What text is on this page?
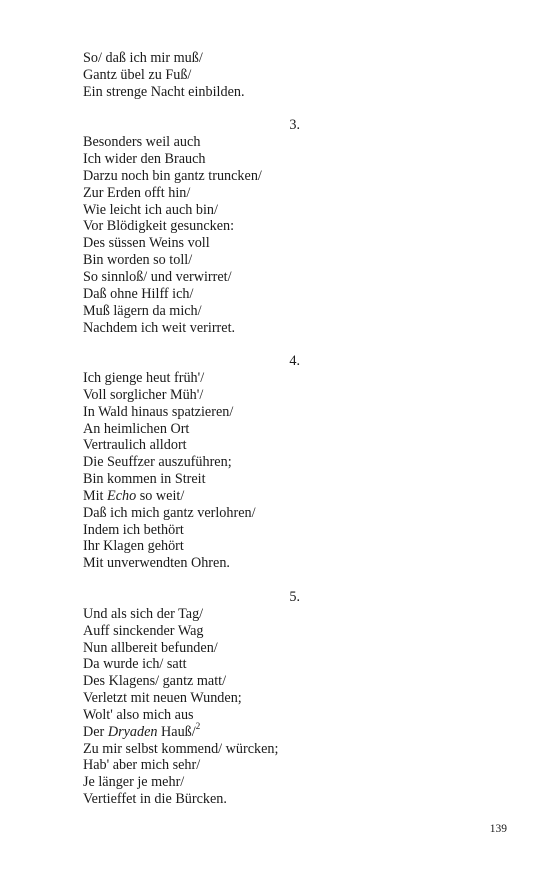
So/ daß ich mir muß/
Gantz übel zu Fuß/
Ein strenge Nacht einbilden.
3.
Besonders weil auch
Ich wider den Brauch
Darzu noch bin gantz truncken/
Zur Erden offt hin/
Wie leicht ich auch bin/
Vor Blödigkeit gesuncken:
Des süssen Weins voll
Bin worden so toll/
So sinnloß/ und verwirret/
Daß ohne Hilff ich/
Muß lägern da mich/
Nachdem ich weit verirret.
4.
Ich gienge heut früh'/
Voll sorglicher Müh'/
In Wald hinaus spatzieren/
An heimlichen Ort
Vertraulich alldort
Die Seuffzer auszuführen;
Bin kommen in Streit
Mit Echo so weit/
Daß ich mich gantz verlohren/
Indem ich bethört
Ihr Klagen gehört
Mit unverwendten Ohren.
5.
Und als sich der Tag/
Auff sinckender Wag
Nun allbereit befunden/
Da wurde ich/ satt
Des Klagens/ gantz matt/
Verletzt mit neuen Wunden;
Wolt' also mich aus
Der Dryaden Hauß/$^2$
Zu mir selbst kommend/ würcken;
Hab' aber mich sehr/
Je länger je mehr/
Vertieffet in die Bürcken.
139
